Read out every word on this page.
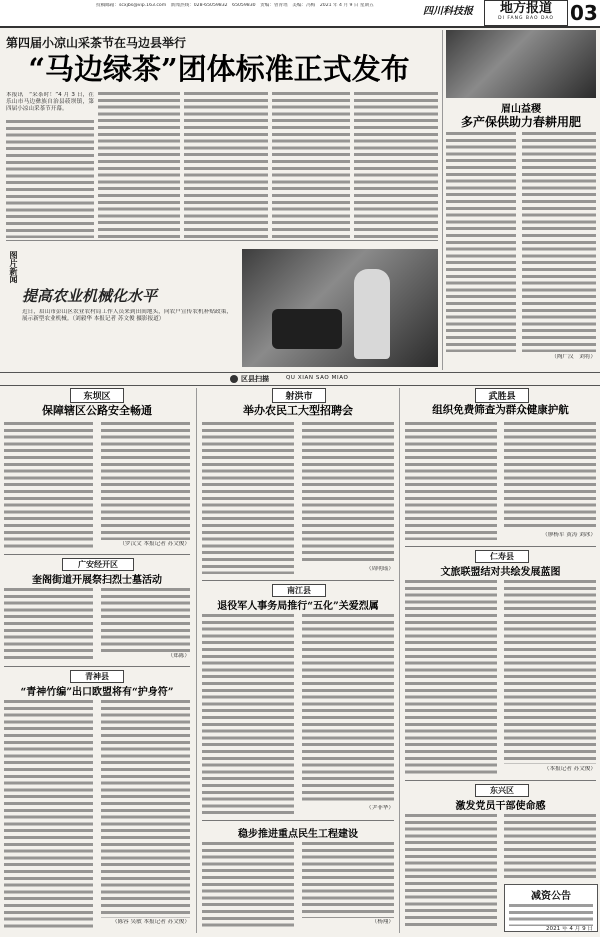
投稿邮箱：scxjbs@vip.163.com　新闻热线：028-65059832　65059830　责编：曾青瑶　美编：冯梅　2021 年 4 月 9 日 星期五
四川科技报	地方报道
DI FANG BAO DAO 03
第四届小凉山采茶节在马边县举行
“马边绿茶”团体标准正式发布
本报讯　“采茶时！”4 月 3 日，在乐山市马边彝族自治县荍坝镇，第四届小凉山采茶节开幕。
图片新闻
提高农业机械化水平
近日，眉山市彭山区农业农村局工作人员来到田间地头，向农户宣传农机补贴政策，展示新型农业机械。（刘毅华 本报记者 苏文俊 摄影报道）
眉山益稷
多产保供助力春耕用肥
（陶广汉　刘将）
区县扫描	QU XIAN SAO MIAO
东坝区
保障辖区公路安全畅通
（罗汉文 本报记者 苏文俊）
广安经开区
奎阁街道开展祭扫烈士墓活动
（郑陈）
青神县
“青神竹编”出口欧盟将有“护身符”
（陈容 吴敏 本报记者 苏文俊）
射洪市
举办农民工大型招聘会
（周明瑶）
南江县
退役军人事务局推行“五化”关爱烈属
（尹菲华）
稳步推进重点民生工程建设
（杨翔）
武胜县
组织免费筛查为群众健康护航
（廖杨军 黄涛 刘冰）
仁寿县
文旅联盟结对共绘发展蓝图
（本报记者 苏文俊）
东兴区
激发党员干部使命感
减资公告
2021 年 4 月 9 日
